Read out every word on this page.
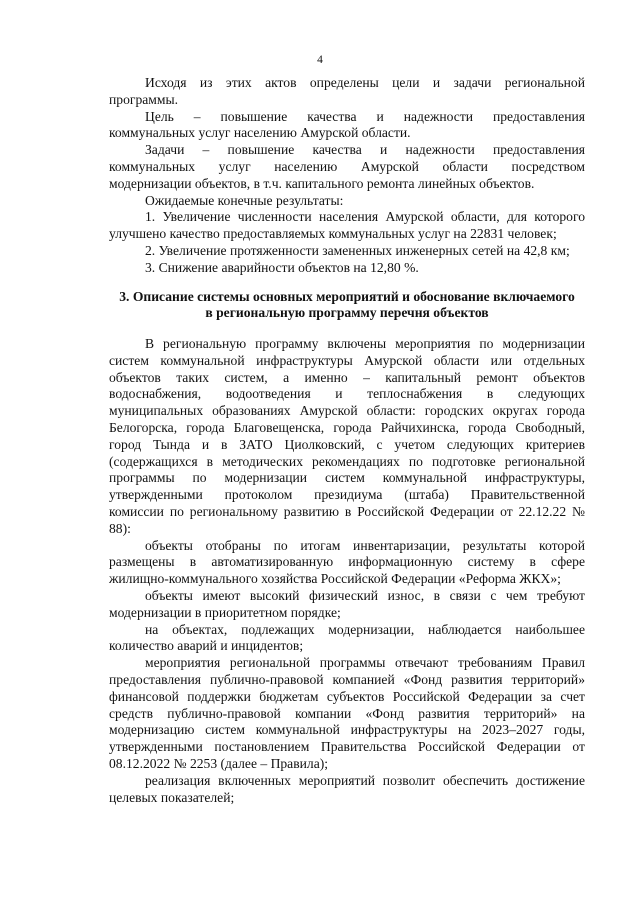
4
Исходя из этих актов определены цели и задачи региональной
программы.
Цель – повышение качества и надежности предоставления
коммунальных услуг населению Амурской области.
Задачи – повышение качества и надежности предоставления
коммунальных услуг населению Амурской области посредством
модернизации объектов, в т.ч. капитального ремонта линейных объектов.
Ожидаемые конечные результаты:
1. Увеличение численности населения Амурской области, для которого
улучшено качество предоставляемых коммунальных услуг на 22831 человек;
2. Увеличение протяженности замененных инженерных сетей на 42,8 км;
3. Снижение аварийности объектов на 12,80 %.
3. Описание системы основных мероприятий и обоснование включаемого
в региональную программу перечня объектов
В региональную программу включены мероприятия по модернизации
систем коммунальной инфраструктуры Амурской области или отдельных
объектов таких систем, а именно – капитальный ремонт объектов
водоснабжения, водоотведения и теплоснабжения в следующих
муниципальных образованиях Амурской области: городских округах города
Белогорска, города Благовещенска, города Райчихинска, города Свободный,
город Тында и в ЗАТО Циолковский, с учетом следующих критериев
(содержащихся в методических рекомендациях по подготовке региональной
программы по модернизации систем коммунальной инфраструктуры,
утвержденными протоколом президиума (штаба) Правительственной
комиссии по региональному развитию в Российской Федерации от 22.12.22 №
88):
объекты отобраны по итогам инвентаризации, результаты которой
размещены в автоматизированную информационную систему в сфере
жилищно-коммунального хозяйства Российской Федерации «Реформа ЖКХ»;
объекты имеют высокий физический износ, в связи с чем требуют
модернизации в приоритетном порядке;
на объектах, подлежащих модернизации, наблюдается наибольшее
количество аварий и инцидентов;
мероприятия региональной программы отвечают требованиям Правил
предоставления публично-правовой компанией «Фонд развития территорий»
финансовой поддержки бюджетам субъектов Российской Федерации за счет
средств публично-правовой компании «Фонд развития территорий» на
модернизацию систем коммунальной инфраструктуры на 2023–2027 годы,
утвержденными постановлением Правительства Российской Федерации от
08.12.2022 № 2253 (далее – Правила);
реализация включенных мероприятий позволит обеспечить достижение
целевых показателей;
